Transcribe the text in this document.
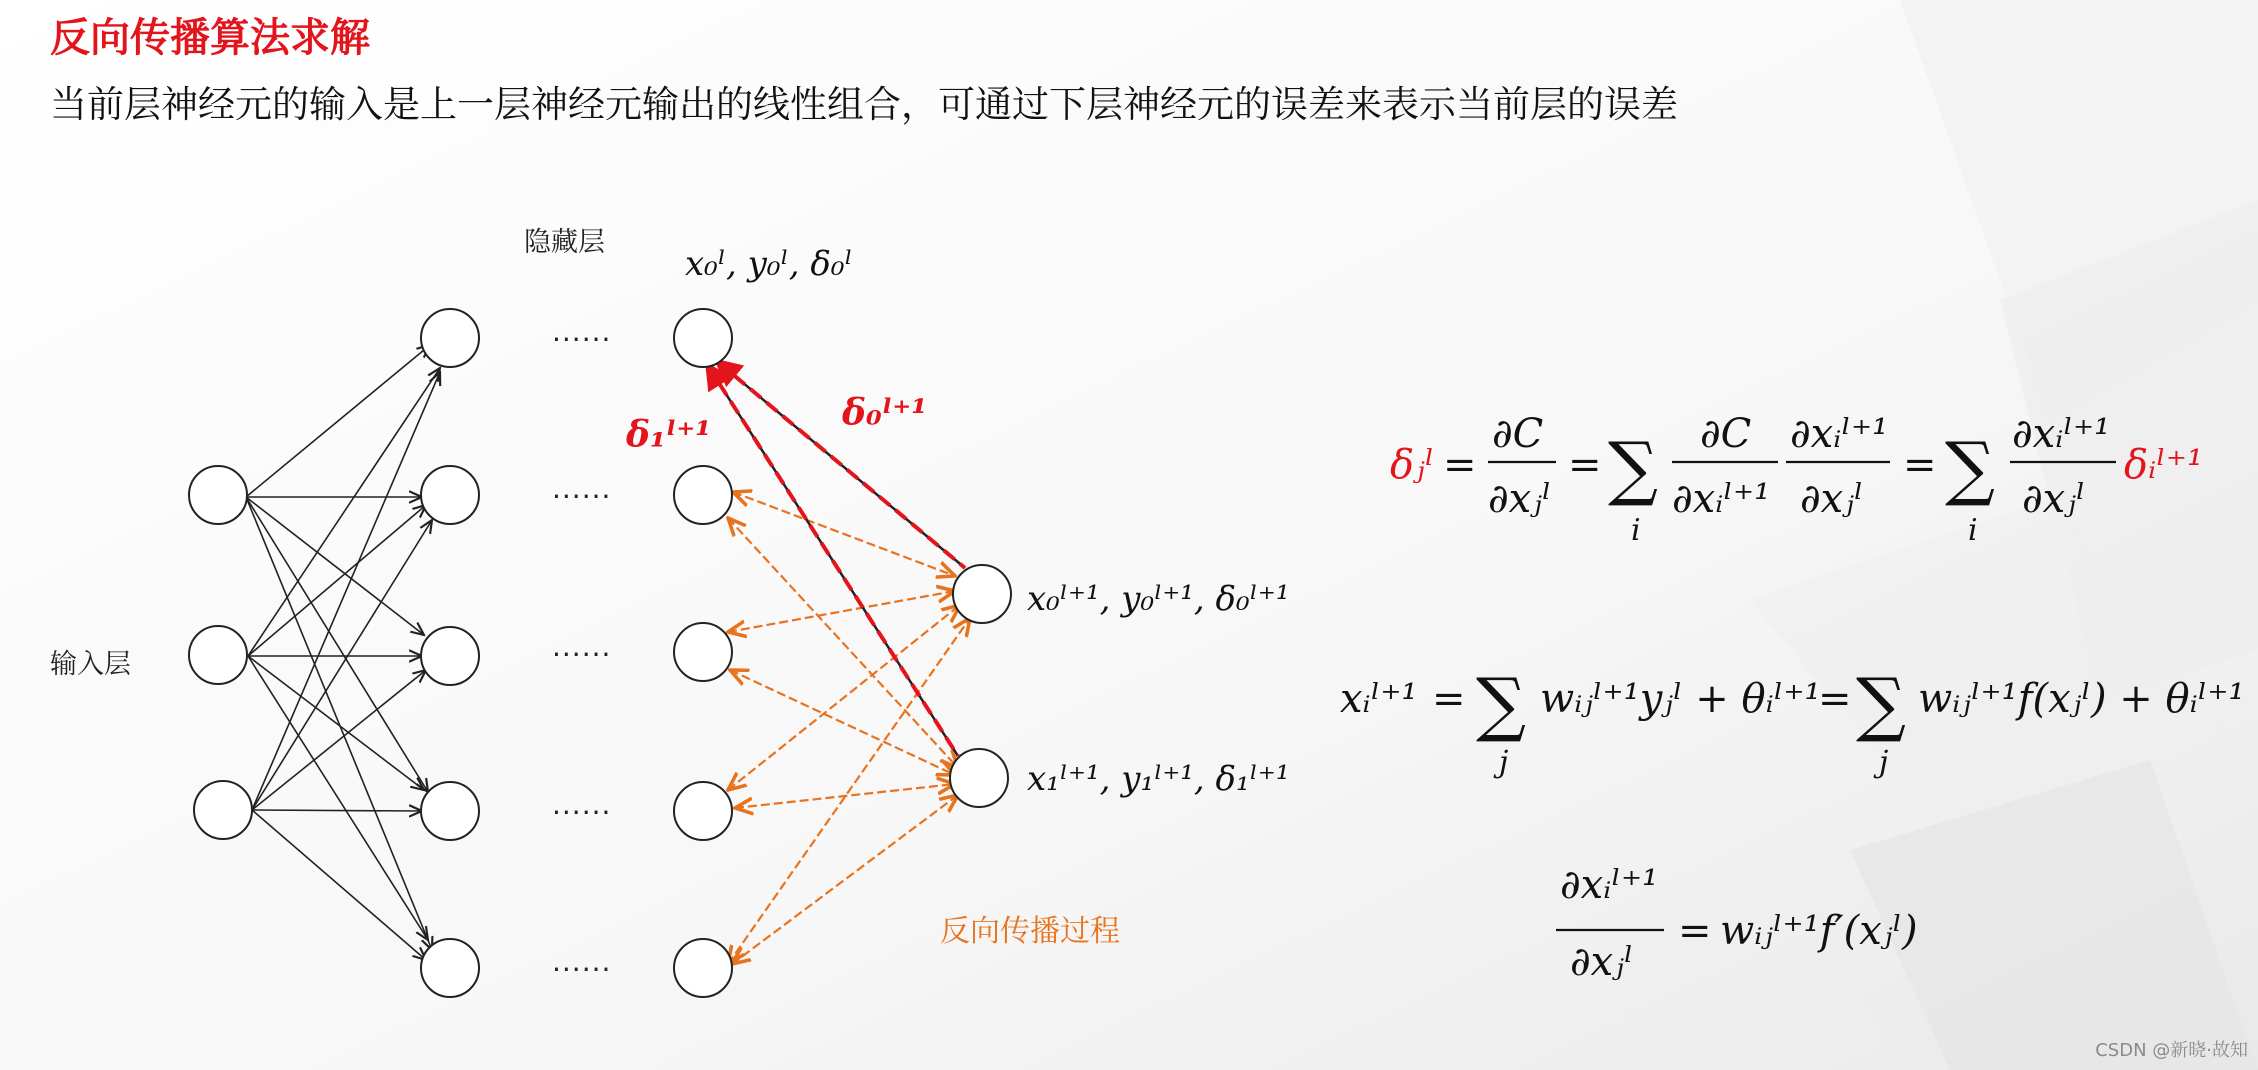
反向传播算法求解
当前层神经元的输入是上一层神经元输出的线性组合，可通过下层神经元的误差来表示当前层的误差
x₀ˡ, y₀ˡ, δ₀ˡ
x₀ˡ⁺¹, y₀ˡ⁺¹, δ₀ˡ⁺¹
x₁ˡ⁺¹, y₁ˡ⁺¹, δ₁ˡ⁺¹
δ₁ˡ⁺¹
δ₀ˡ⁺¹
隐藏层
输入层
......
......
......
......
......
反向传播过程
δⱼˡ =
∂C
∂xⱼˡ
= ∑
i
∂C
∂xᵢˡ⁺¹
∂xᵢˡ⁺¹
∂xⱼˡ
= ∑
i
∂xᵢˡ⁺¹
∂xⱼˡ
δᵢˡ⁺¹
xᵢˡ⁺¹ = ∑
j
wᵢⱼˡ⁺¹yⱼˡ + θᵢˡ⁺¹
= ∑
j
wᵢⱼˡ⁺¹f(xⱼˡ) + θᵢˡ⁺¹
∂xᵢˡ⁺¹
∂xⱼˡ
= wᵢⱼˡ⁺¹f′(xⱼˡ)
CSDN @新晓·故知
